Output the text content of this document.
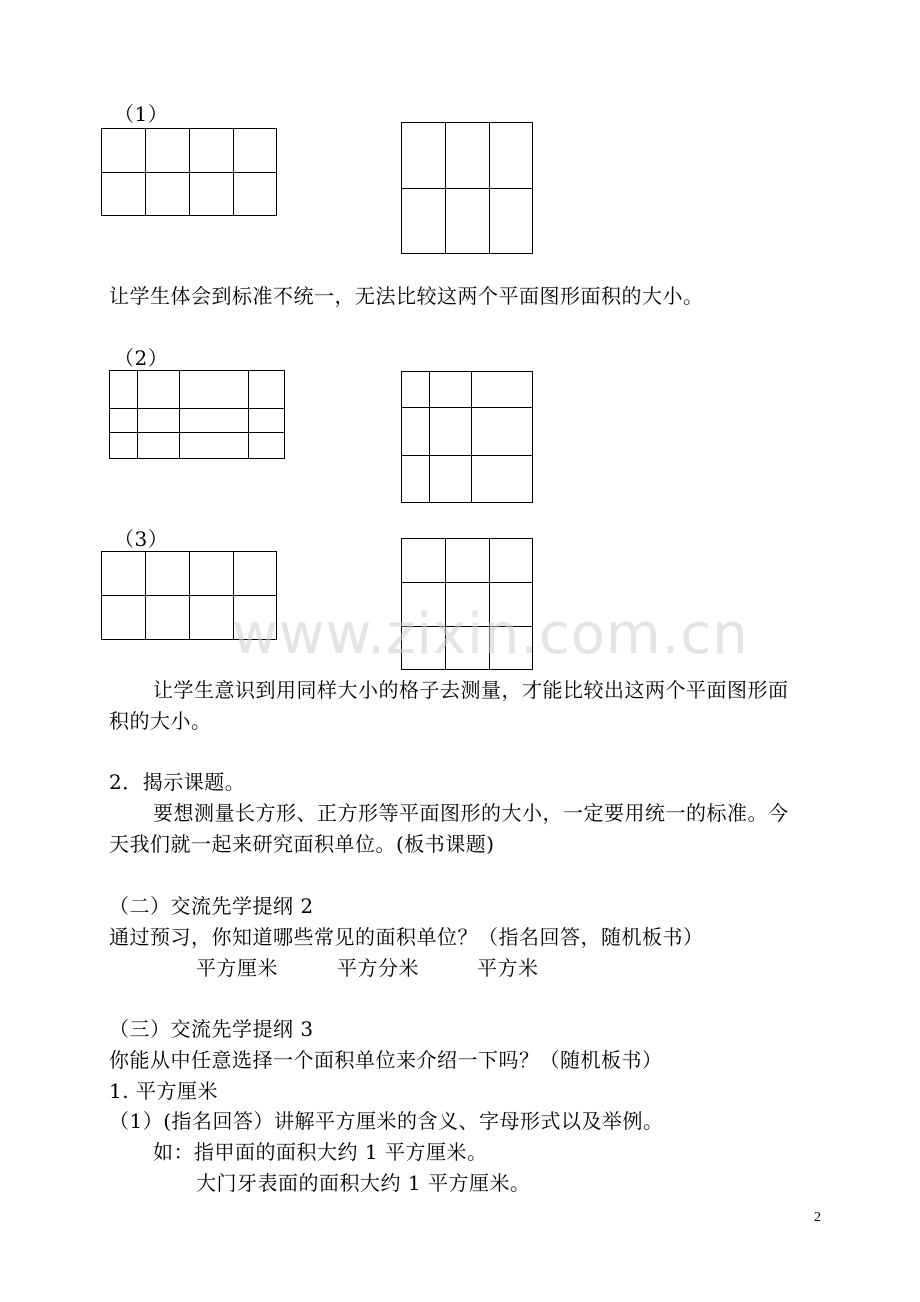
（1）
让学生体会到标准不统一，无法比较这两个平面图形面积的大小。
（2）
（3）
www.zixin.com.cn
让学生意识到用同样大小的格子去测量，才能比较出这两个平面图形面
积的大小。
2．揭示课题。
要想测量长方形、正方形等平面图形的大小，一定要用统一的标准。今
天我们就一起来研究面积单位。(板书课题)
（二）交流先学提纲 2
通过预习，你知道哪些常见的面积单位？（指名回答，随机板书）
平方厘米	平方分米	平方米
（三）交流先学提纲 3
你能从中任意选择一个面积单位来介绍一下吗？（随机板书）
1. 平方厘米
（1）(指名回答）讲解平方厘米的含义、字母形式以及举例。
如：指甲面的面积大约 1 平方厘米。
大门牙表面的面积大约 1 平方厘米。
2
